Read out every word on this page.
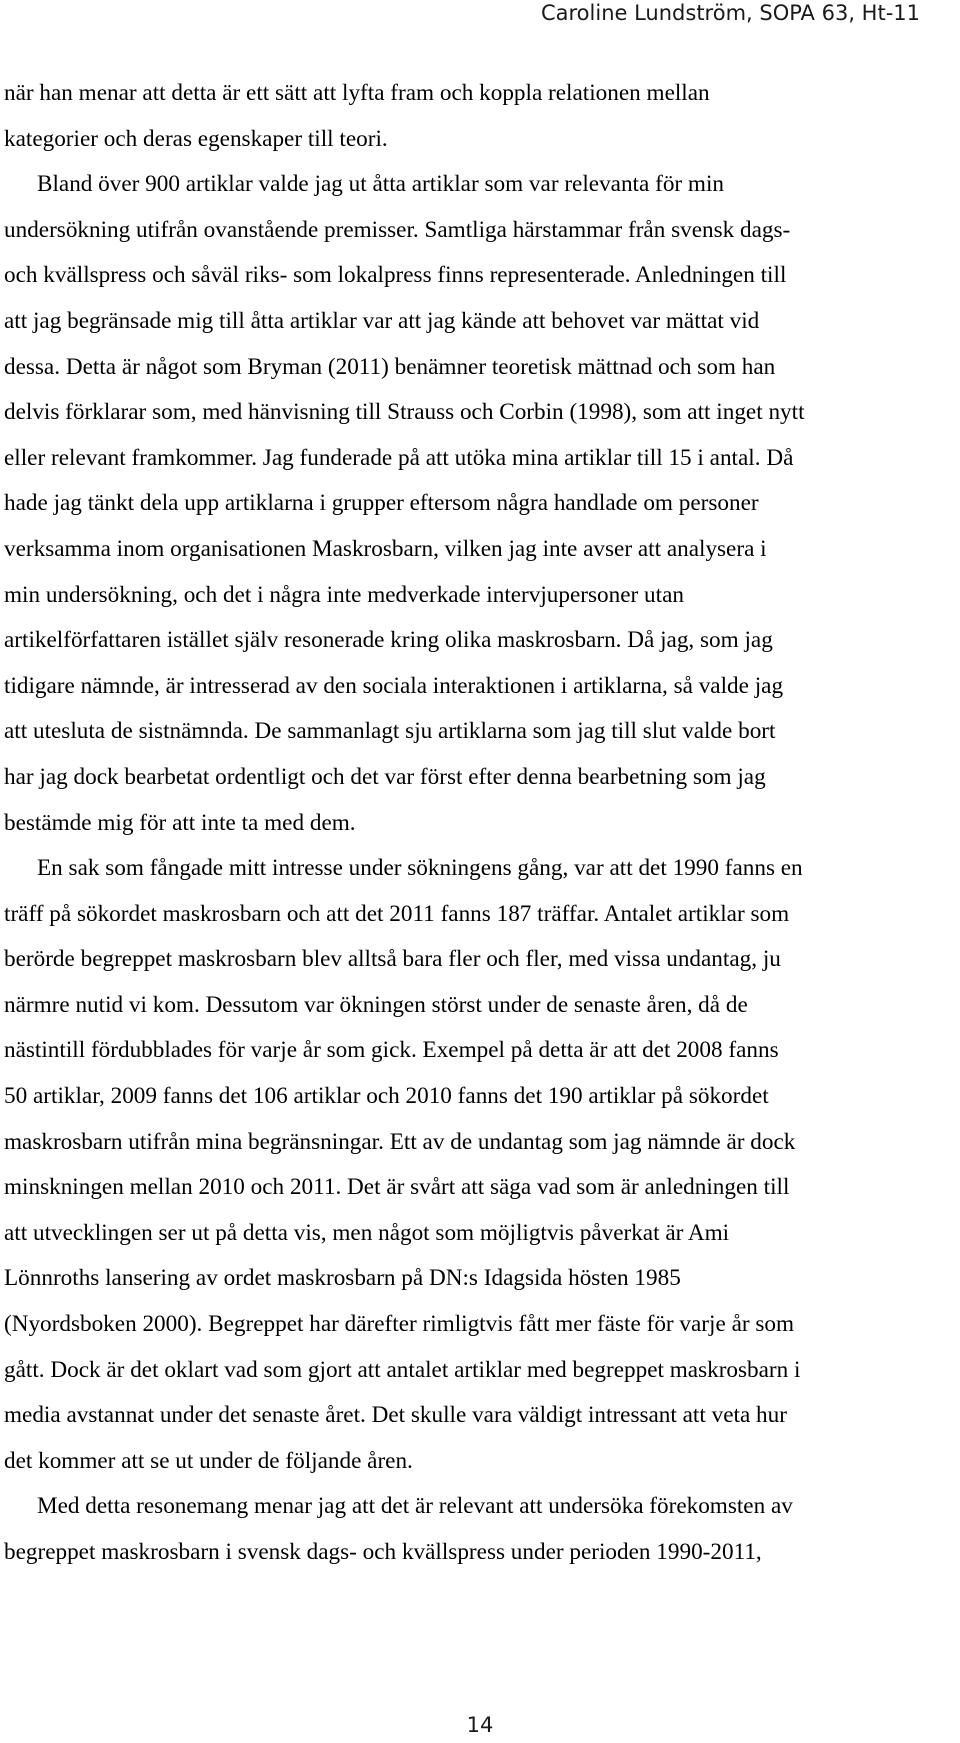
Caroline Lundström, SOPA 63, Ht-11
när han menar att detta är ett sätt att lyfta fram och koppla relationen mellan
kategorier och deras egenskaper till teori.
Bland över 900 artiklar valde jag ut åtta artiklar som var relevanta för min
undersökning utifrån ovanstående premisser. Samtliga härstammar från svensk dags-
och kvällspress och såväl riks- som lokalpress finns representerade. Anledningen till
att jag begränsade mig till åtta artiklar var att jag kände att behovet var mättat vid
dessa. Detta är något som Bryman (2011) benämner teoretisk mättnad och som han
delvis förklarar som, med hänvisning till Strauss och Corbin (1998), som att inget nytt
eller relevant framkommer. Jag funderade på att utöka mina artiklar till 15 i antal. Då
hade jag tänkt dela upp artiklarna i grupper eftersom några handlade om personer
verksamma inom organisationen Maskrosbarn, vilken jag inte avser att analysera i
min undersökning, och det i några inte medverkade intervjupersoner utan
artikelförfattaren istället själv resonerade kring olika maskrosbarn. Då jag, som jag
tidigare nämnde, är intresserad av den sociala interaktionen i artiklarna, så valde jag
att utesluta de sistnämnda. De sammanlagt sju artiklarna som jag till slut valde bort
har jag dock bearbetat ordentligt och det var först efter denna bearbetning som jag
bestämde mig för att inte ta med dem.
En sak som fångade mitt intresse under sökningens gång, var att det 1990 fanns en
träff på sökordet maskrosbarn och att det 2011 fanns 187 träffar. Antalet artiklar som
berörde begreppet maskrosbarn blev alltså bara fler och fler, med vissa undantag, ju
närmre nutid vi kom. Dessutom var ökningen störst under de senaste åren, då de
nästintill fördubblades för varje år som gick. Exempel på detta är att det 2008 fanns
50 artiklar, 2009 fanns det 106 artiklar och 2010 fanns det 190 artiklar på sökordet
maskrosbarn utifrån mina begränsningar. Ett av de undantag som jag nämnde är dock
minskningen mellan 2010 och 2011. Det är svårt att säga vad som är anledningen till
att utvecklingen ser ut på detta vis, men något som möjligtvis påverkat är Ami
Lönnroths lansering av ordet maskrosbarn på DN:s Idagsida hösten 1985
(Nyordsboken 2000). Begreppet har därefter rimligtvis fått mer fäste för varje år som
gått. Dock är det oklart vad som gjort att antalet artiklar med begreppet maskrosbarn i
media avstannat under det senaste året. Det skulle vara väldigt intressant att veta hur
det kommer att se ut under de följande åren.
Med detta resonemang menar jag att det är relevant att undersöka förekomsten av
begreppet maskrosbarn i svensk dags- och kvällspress under perioden 1990-2011,
14
